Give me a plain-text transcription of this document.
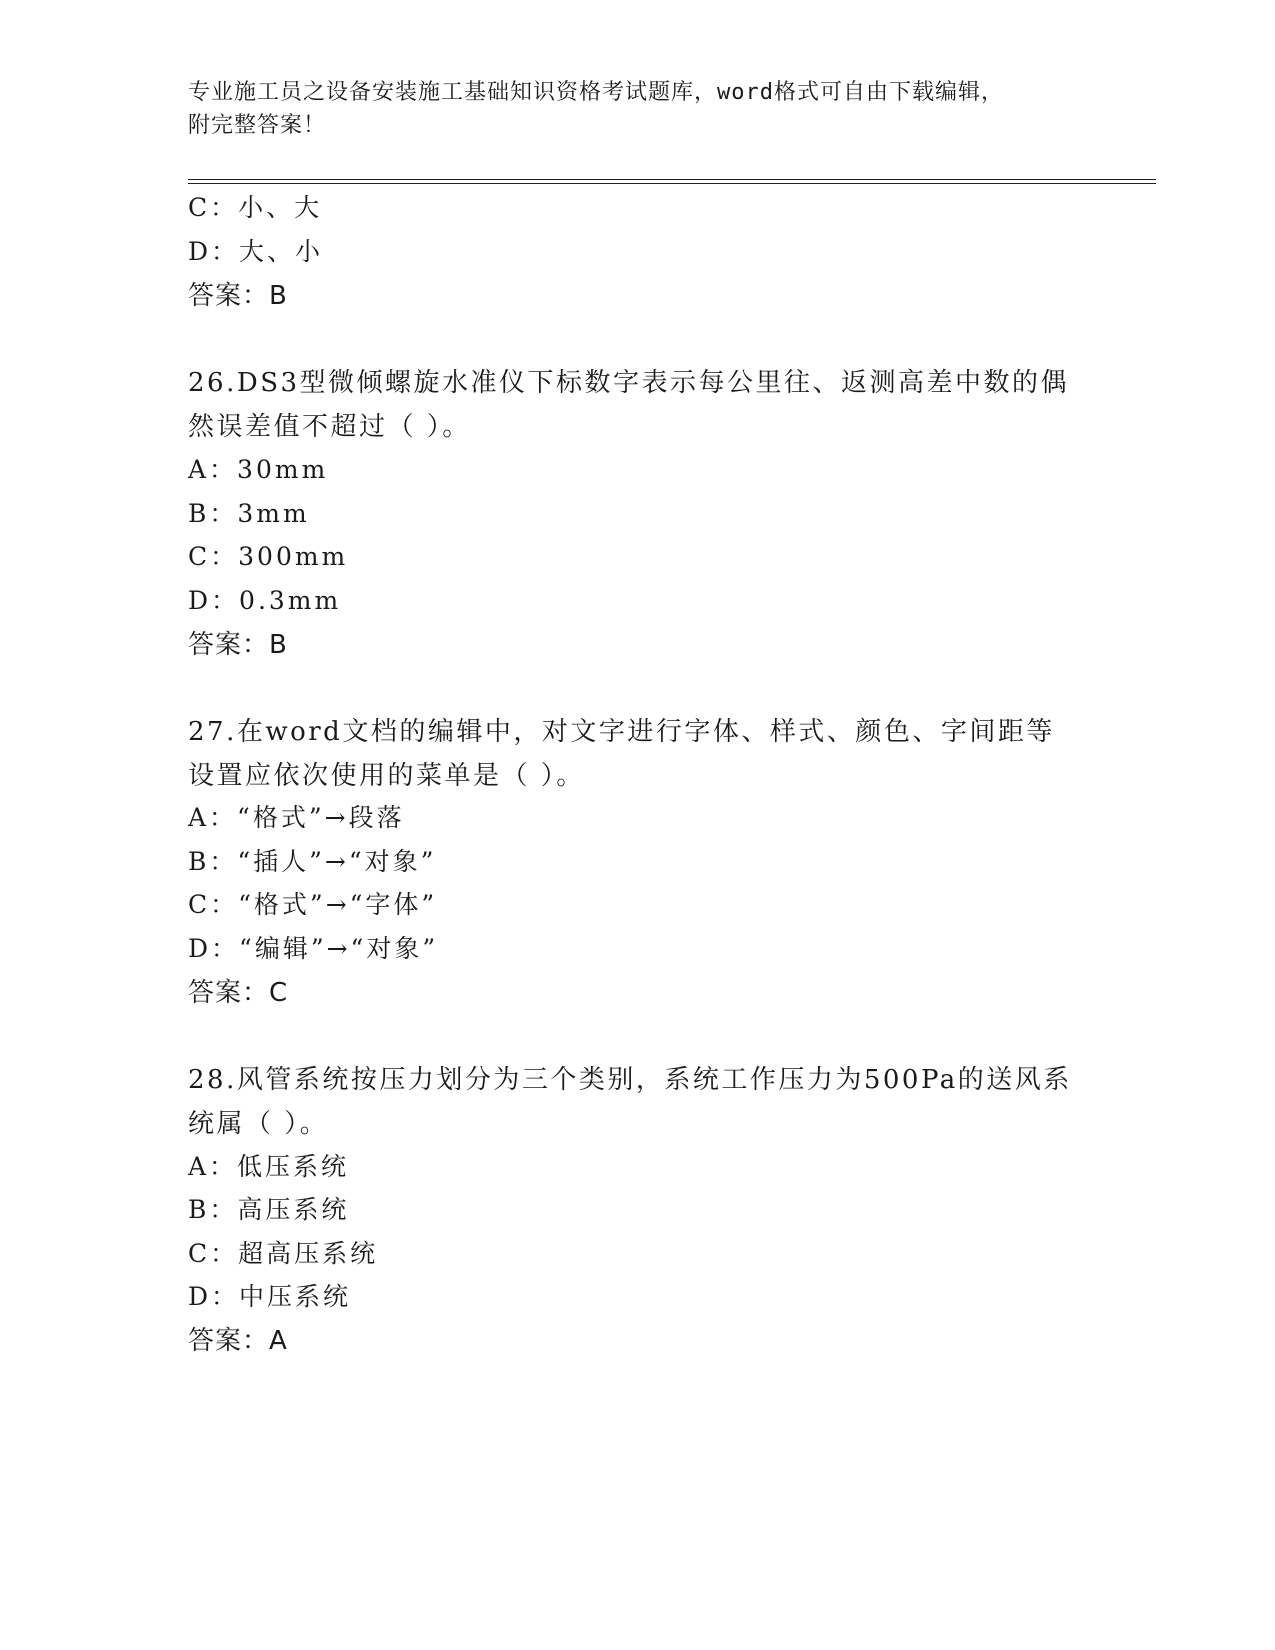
专业施工员之设备安装施工基础知识资格考试题库，word格式可自由下载编辑，
附完整答案！
C：小、大
D：大、小
答案：B
26.DS3型微倾螺旋水准仪下标数字表示每公里往、返测高差中数的偶
然误差值不超过（ ）。
A：30mm
B：3mm
C：300mm
D：0.3mm
答案：B
27.在word文档的编辑中，对文字进行字体、样式、颜色、字间距等
设置应依次使用的菜单是（ ）。
A：“格式”→段落
B：“插人”→“对象”
C：“格式”→“字体”
D：“编辑”→“对象”
答案：C
28.风管系统按压力划分为三个类别，系统工作压力为500Pa的送风系
统属（ ）。
A：低压系统
B：高压系统
C：超高压系统
D：中压系统
答案：A
